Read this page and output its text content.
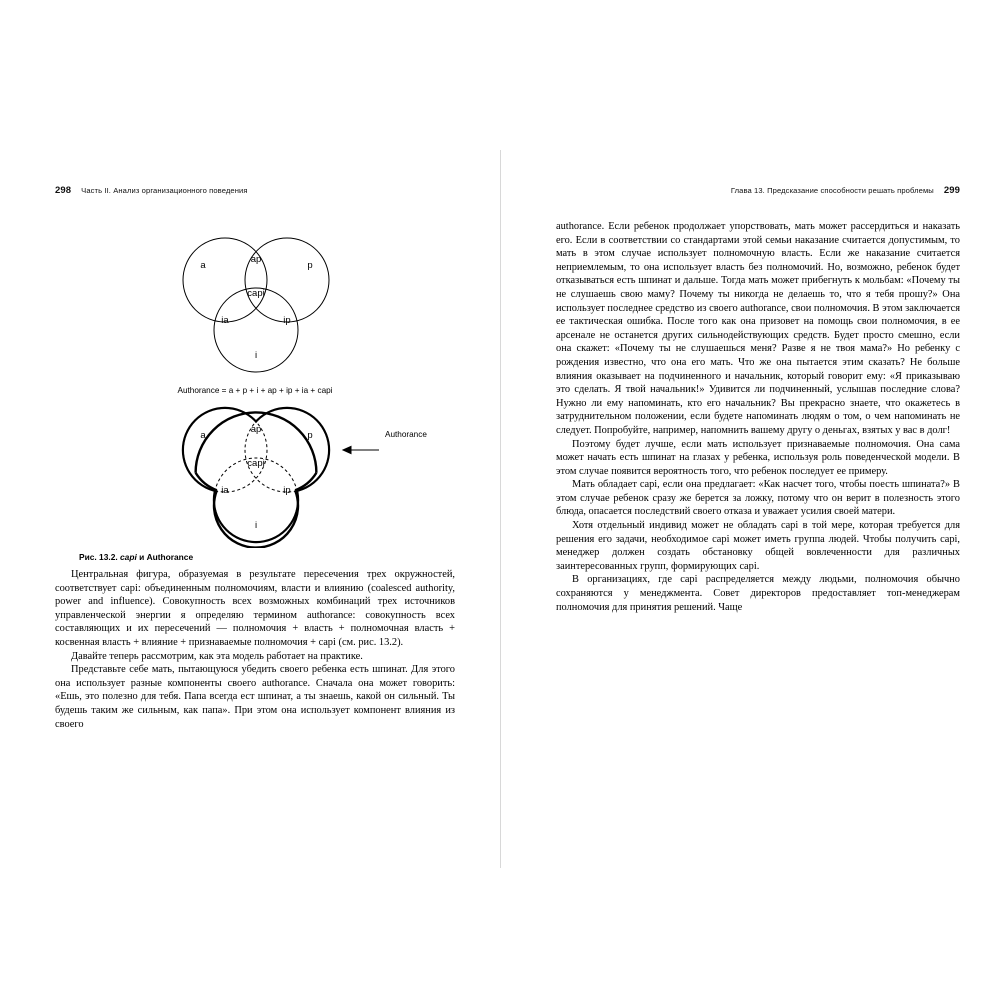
298 Часть II. Анализ организационного поведения
a
ap
p
capi
ia	ip
i
Authorance = a + p + i + ap + ip + ia + capi
a
ap
p
capi
ia	ip
i
Authorance
Рис. 13.2. capi и Authorance

Центральная фигура, образуемая в результате пересечения трех окружностей, соответствует capi: объединенным полномочиям, власти и влиянию (coalesced authority, power and influence). Совокупность всех возможных комбинаций трех источников управленческой энергии я определяю термином authorance: совокупность всех составляющих и их пересечений — полномочия + власть + полномочная власть + косвенная власть + влияние + признаваемые полномочия + capi (см. рис. 13.2).

Давайте теперь рассмотрим, как эта модель работает на практике.

Представьте себе мать, пытающуюся убедить своего ребенка есть шпинат. Для этого она использует разные компоненты своего authorance. Сначала она может говорить: «Ешь, это полезно для тебя. Папа всегда ест шпинат, а ты знаешь, какой он сильный. Ты будешь таким же сильным, как папа». При этом она использует компонент влияния из своего

Глава 13. Предсказание способности решать проблемы 299

authorance. Если ребенок продолжает упорствовать, мать может рассердиться и наказать его. Если в соответствии со стандартами этой семьи наказание считается допустимым, то мать в этом случае использует полномочную власть. Если же наказание считается неприемлемым, то она использует власть без полномочий. Но, возможно, ребенок будет отказываться есть шпинат и дальше. Тогда мать может прибегнуть к мольбам: «Почему ты не слушаешь свою маму? Почему ты никогда не делаешь то, что я тебя прошу?» Она использует последнее средство из своего authorance, свои полномочия. В этом заключается ее тактическая ошибка. После того как она призовет на помощь свои полномочия, в ее арсенале не останется других сильнодействующих средств. Будет просто смешно, если она скажет: «Почему ты не слушаешься меня? Разве я не твоя мама?» Но ребенку с рождения известно, что она его мать. Что же она пытается этим сказать? Не больше влияния оказывает на подчиненного и начальник, который говорит ему: «Я приказываю это сделать. Я твой начальник!» Удивится ли подчиненный, услышав последние слова? Нужно ли ему напоминать, кто его начальник? Вы прекрасно знаете, что окажетесь в затруднительном положении, если будете напоминать людям о том, о чем напоминать не следует. Попробуйте, например, напомнить вашему другу о деньгах, взятых у вас в долг!

Поэтому будет лучше, если мать использует признаваемые полномочия. Она сама может начать есть шпинат на глазах у ребенка, используя роль поведенческой модели. В этом случае появится вероятность того, что ребенок последует ее примеру.

Мать обладает capi, если она предлагает: «Как насчет того, чтобы поесть шпината?» В этом случае ребенок сразу же берется за ложку, потому что он верит в полезность этого блюда, опасается последствий своего отказа и уважает усилия своей матери.

Хотя отдельный индивид может не обладать capi в той мере, которая требуется для решения его задачи, необходимое capi может иметь группа людей. Чтобы получить capi, менеджер должен создать обстановку общей вовлеченности для различных заинтересованных групп, формирующих capi.

В организациях, где capi распределяется между людьми, полномочия обычно сохраняются у менеджмента. Совет директоров предоставляет топ-менеджерам полномочия для принятия решений. Чаще
